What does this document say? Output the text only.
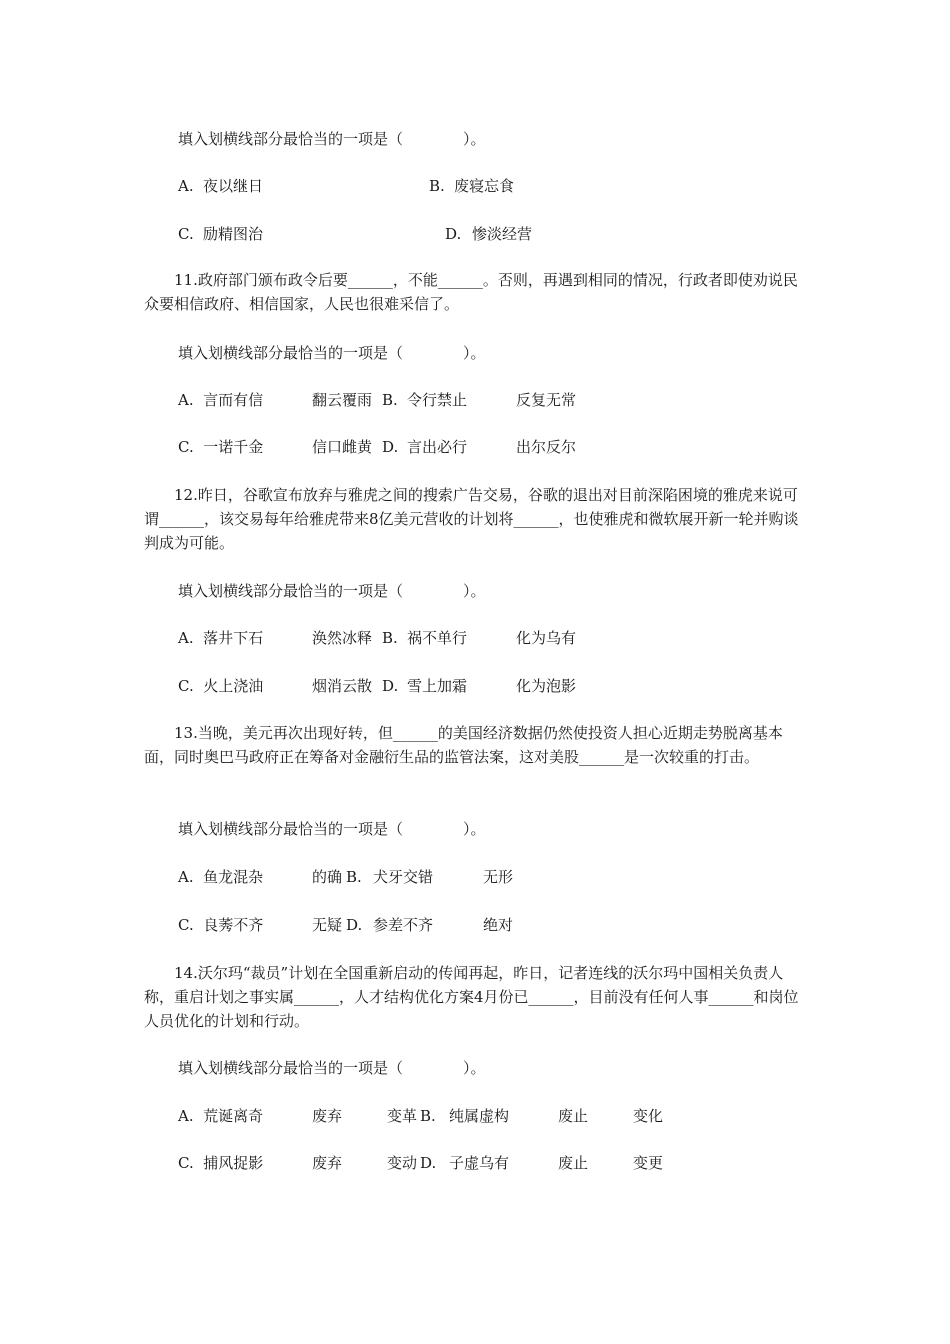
填入划横线部分最恰当的一项是（　　　　）。
A. 夜以继日	B. 废寝忘食
C. 励精图治	D. 惨淡经营
11.政府部门颁布政令后要______，不能______。否则，再遇到相同的情况，行政者即使劝说民众要相信政府、相信国家，人民也很难采信了。
填入划横线部分最恰当的一项是（　　　　）。
A.  言而有信	翻云覆雨 B. 令行禁止	反复无常
C.  一诺千金	信口雌黄 D. 言出必行	出尔反尔
12.昨日，谷歌宣布放弃与雅虎之间的搜索广告交易，谷歌的退出对目前深陷困境的雅虎来说可谓______，该交易每年给雅虎带来8亿美元营收的计划将______，也使雅虎和微软展开新一轮并购谈判成为可能。
填入划横线部分最恰当的一项是（　　　　）。
A.  落井下石	涣然冰释 B. 祸不单行	化为乌有
C.  火上浇油	烟消云散 D. 雪上加霜	化为泡影
13.当晚，美元再次出现好转，但______的美国经济数据仍然使投资人担心近期走势脱离基本面，同时奥巴马政府正在筹备对金融衍生品的监管法案，这对美股______是一次较重的打击。
填入划横线部分最恰当的一项是（　　　　）。
A.  鱼龙混杂	的确 B. 犬牙交错	无形
C.  良莠不齐	无疑 D. 参差不齐	绝对
14.沃尔玛“裁员”计划在全国重新启动的传闻再起，昨日，记者连线的沃尔玛中国相关负责人称，重启计划之事实属______，人才结构优化方案4月份已______，目前没有任何人事______和岗位人员优化的计划和行动。
填入划横线部分最恰当的一项是（　　　　）。
A.  荒诞离奇	废弃	变革 B. 纯属虚构	废止	变化
C.  捕风捉影	废弃	变动 D. 子虚乌有	废止	变更
